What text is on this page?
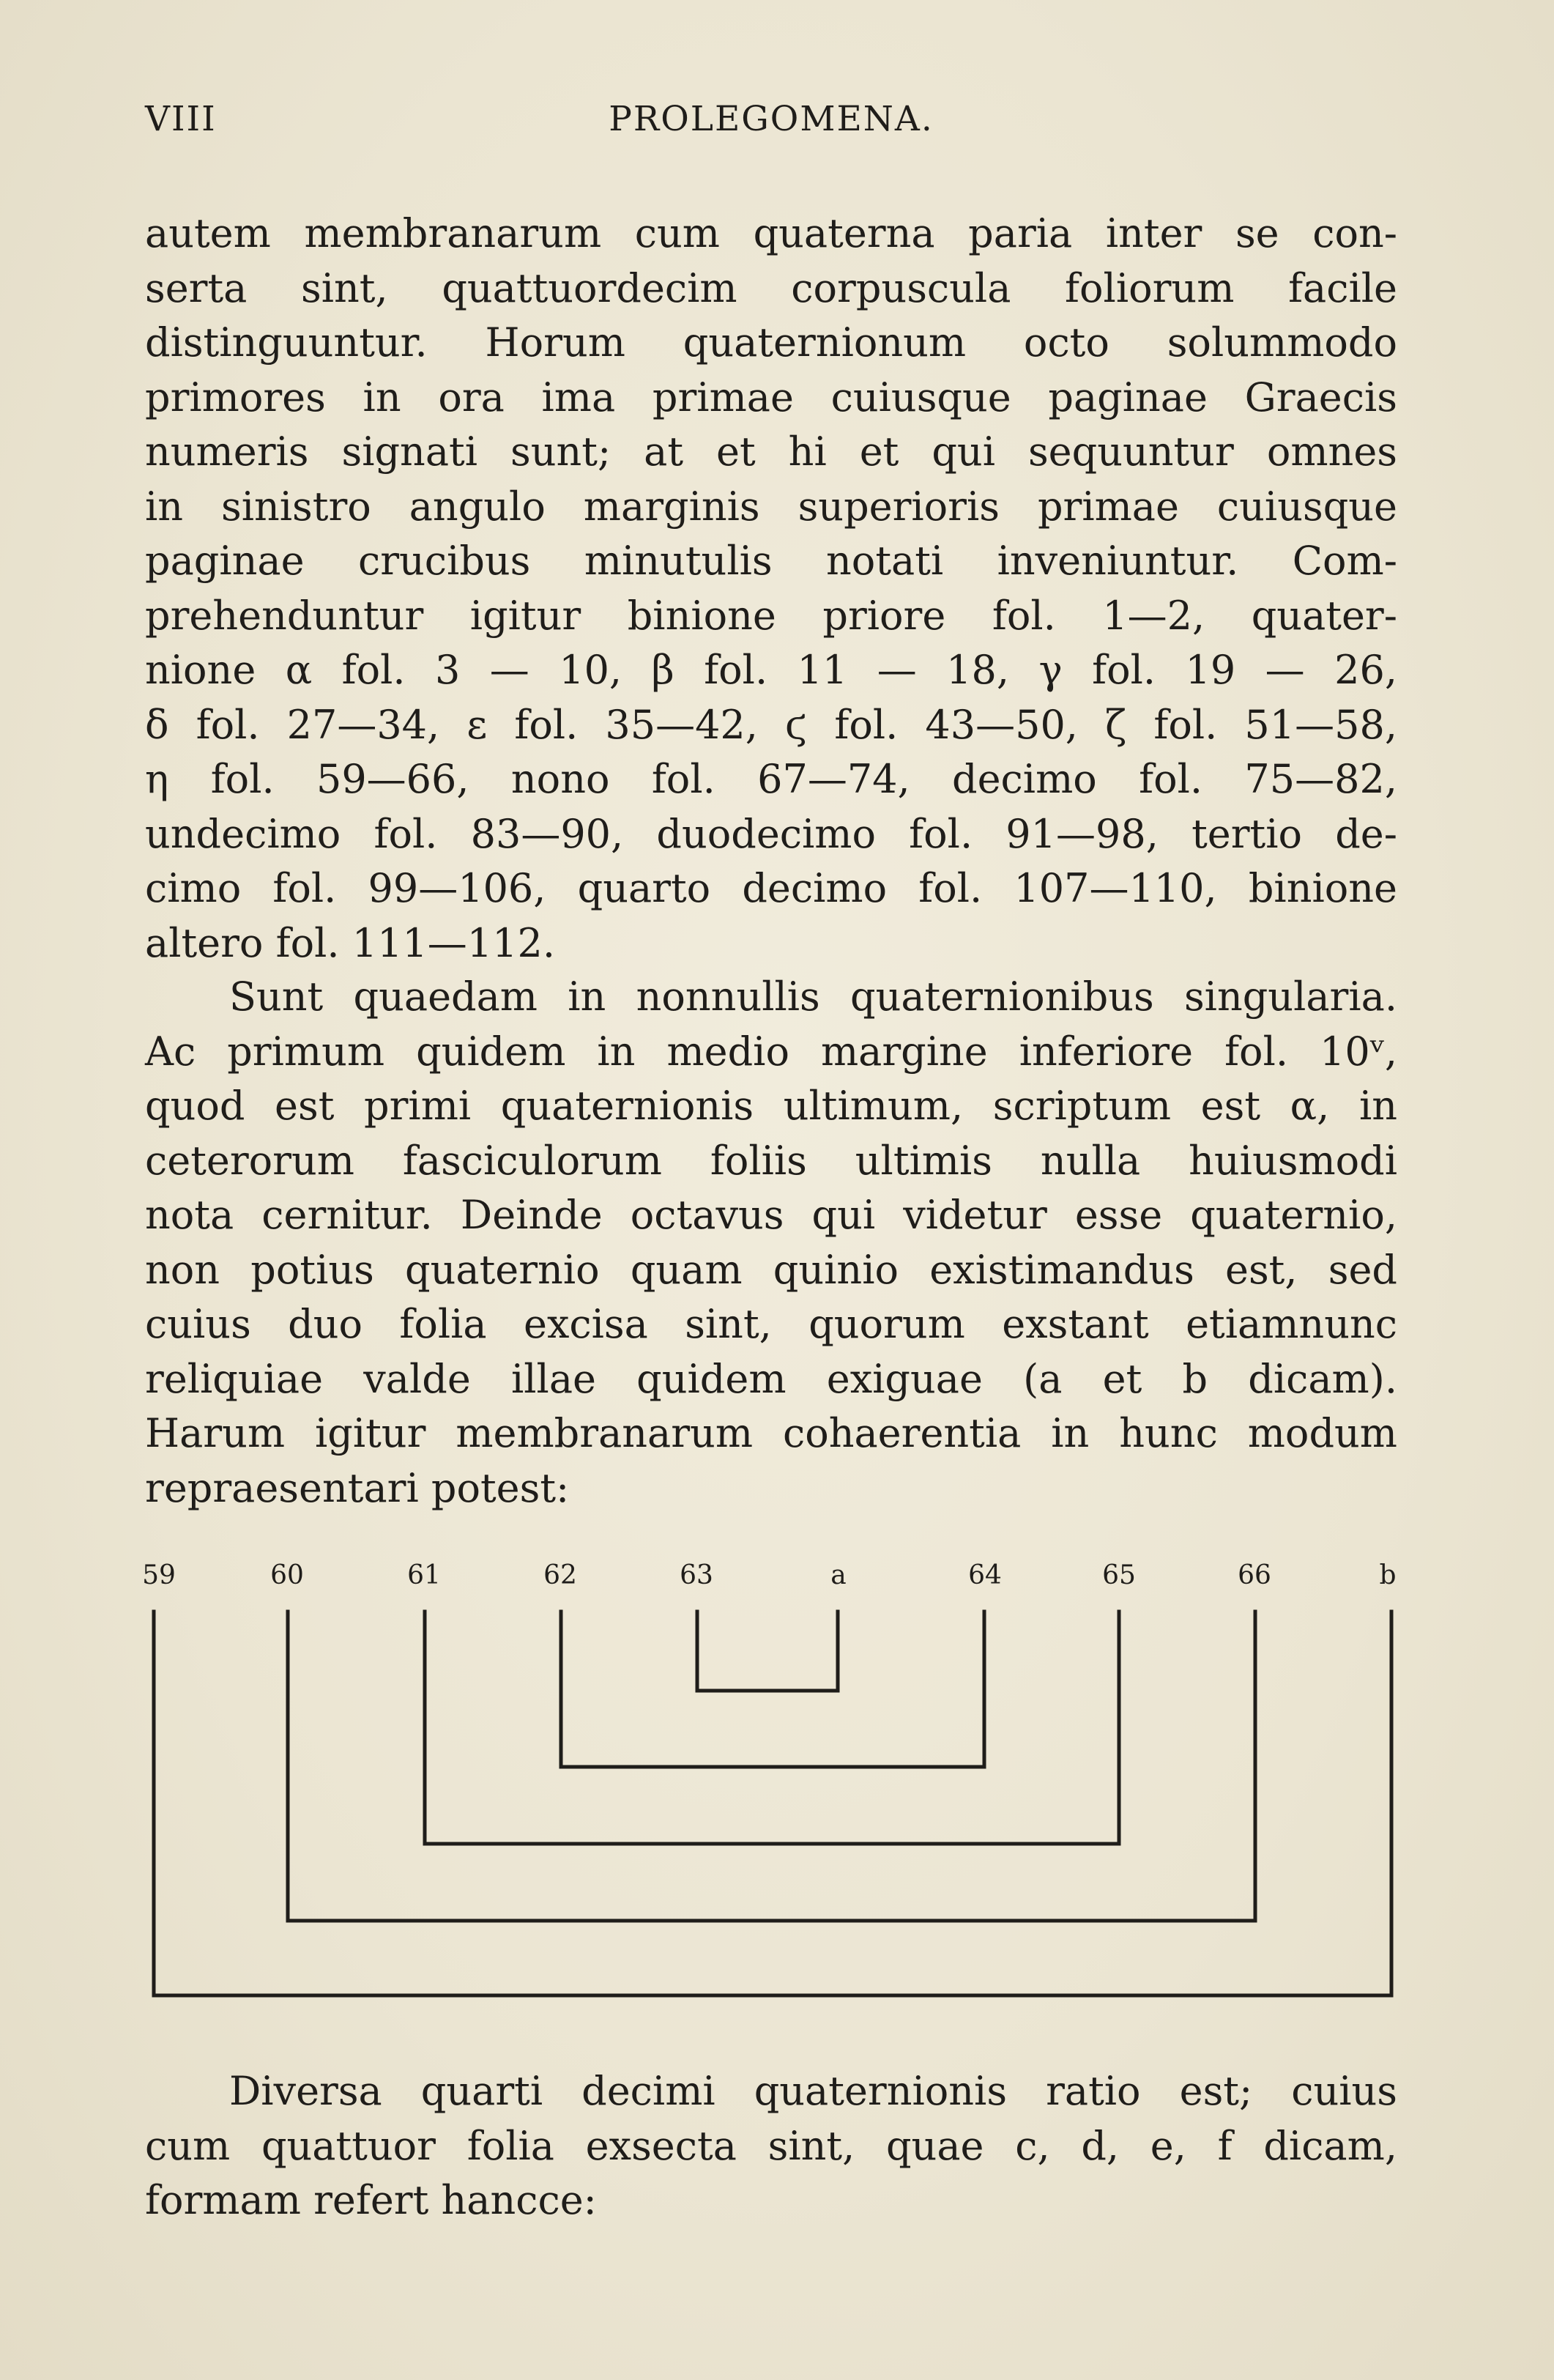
VIII	PROLEGOMENA.
autem membranarum cum quaterna paria inter se con-
serta sint, quattuordecim corpuscula foliorum facile
distinguuntur. Horum quaternionum octo solummodo
primores in ora ima primae cuiusque paginae Graecis
numeris signati sunt; at et hi et qui sequuntur omnes
in sinistro angulo marginis superioris primae cuiusque
paginae crucibus minutulis notati inveniuntur. Com-
prehenduntur igitur binione priore fol. 1—2, quater-
nione α fol. 3 — 10, β fol. 11 — 18, γ fol. 19 — 26,
δ fol. 27—34, ε fol. 35—42, ϛ fol. 43—50, ζ fol. 51—58,
η fol. 59—66, nono fol. 67—74, decimo fol. 75—82,
undecimo fol. 83—90, duodecimo fol. 91—98, tertio de-
cimo fol. 99—106, quarto decimo fol. 107—110, binione
altero fol. 111—112.
Sunt quaedam in nonnullis quaternionibus singularia.
Ac primum quidem in medio margine inferiore fol. 10ᵛ,
quod est primi quaternionis ultimum, scriptum est α, in
ceterorum fasciculorum foliis ultimis nulla huiusmodi
nota cernitur. Deinde octavus qui videtur esse quaternio,
non potius quaternio quam quinio existimandus est, sed
cuius duo folia excisa sint, quorum exstant etiamnunc
reliquiae valde illae quidem exiguae (a et b dicam).
Harum igitur membranarum cohaerentia in hunc modum
repraesentari potest:
59	60	61	62	63	a	64	65	66	b
Diversa quarti decimi quaternionis ratio est; cuius
cum quattuor folia exsecta sint, quae c, d, e, f dicam,
formam refert hancce:
